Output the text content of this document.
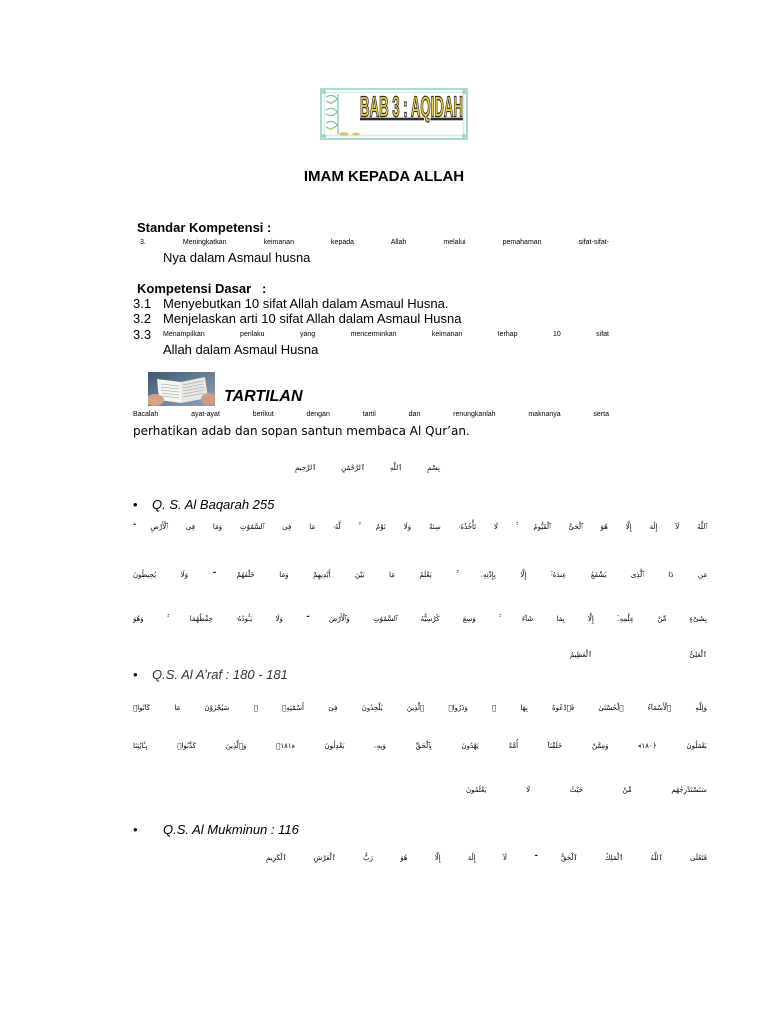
BAB 3 : AQIDAH
IMAM KEPADA ALLAH
Standar Kompetensi :
3. Meningkatkan keimanan kepada Allah melalui pemahaman sifat-sifat-
Nya dalam Asmaul husna
Kompetensi Dasar   :
3.1 Menyebutkan 10 sifat Allah dalam Asmaul Husna.
3.2 Menjelaskan arti 10 sifat Allah dalam Asmaul Husna
3.3 Menampilkan perilaku yang mencerminkan keimanan terhap 10 sifat
Allah dalam Asmaul Husna
TARTILAN
Bacalah ayat-ayat berikut dengan tartil dan renungkanlah maknanya serta
perhatikan adab dan sopan santun membaca Al Qur’an.
بِسْمِ ٱللَّهِ ٱلرَّحْمَٰنِ ٱلرَّحِيمِ
• Q. S. Al Baqarah 255
ٱللَّهُ لَآ إِلَٰهَ إِلَّا هُوَ ٱلْحَىُّ ٱلْقَيُّومُ ۚ لَا تَأْخُذُهُۥ سِنَةٌ وَلَا نَوْمٌ ۚ لَّهُۥ مَا فِى ٱلسَّمَٰوَٰتِ وَمَا فِى ٱلْأَرْضِ ۗ
مَن ذَا ٱلَّذِى يَشْفَعُ عِندَهُۥٓ إِلَّا بِإِذْنِهِۦ ۚ يَعْلَمُ مَا بَيْنَ أَيْدِيهِمْ وَمَا خَلْفَهُمْ ۖ وَلَا يُحِيطُونَ
بِشَىْءٍ مِّنْ عِلْمِهِۦٓ إِلَّا بِمَا شَآءَ ۚ وَسِعَ كُرْسِيُّهُ ٱلسَّمَٰوَٰتِ وَٱلْأَرْضَ ۖ وَلَا يَـُٔودُهُۥ حِفْظُهُمَا ۚ وَهُوَ
ٱلْعَلِىُّ ٱلْعَظِيمُ
• Q.S. Al A’raf : 180 - 181
وَلِلَّهِ ٱلْأَسْمَآءُ ٱلْحُسْنَىٰ فَٱدْعُوهُ بِهَا ۖ وَذَرُوا۟ ٱلَّذِينَ يُلْحِدُونَ فِىٓ أَسْمَٰٓئِهِۦ ۚ سَيُجْزَوْنَ مَا كَانُوا۟
يَعْمَلُونَ ﴿١٨٠﴾ وَمِمَّنْ خَلَقْنَآ أُمَّةٌ يَهْدُونَ بِٱلْحَقِّ وَبِهِۦ يَعْدِلُونَ ﴿١٨١﴾ وَٱلَّذِينَ كَذَّبُوا۟ بِـَٔايَٰتِنَا
سَنَسْتَدْرِجُهُم مِّنْ حَيْثُ لَا يَعْلَمُونَ
• Q.S. Al Mukminun : 116
فَتَعَٰلَى ٱللَّهُ ٱلْمَلِكُ ٱلْحَقُّ ۖ لَآ إِلَٰهَ إِلَّا هُوَ رَبُّ ٱلْعَرْشِ ٱلْكَرِيمِ
